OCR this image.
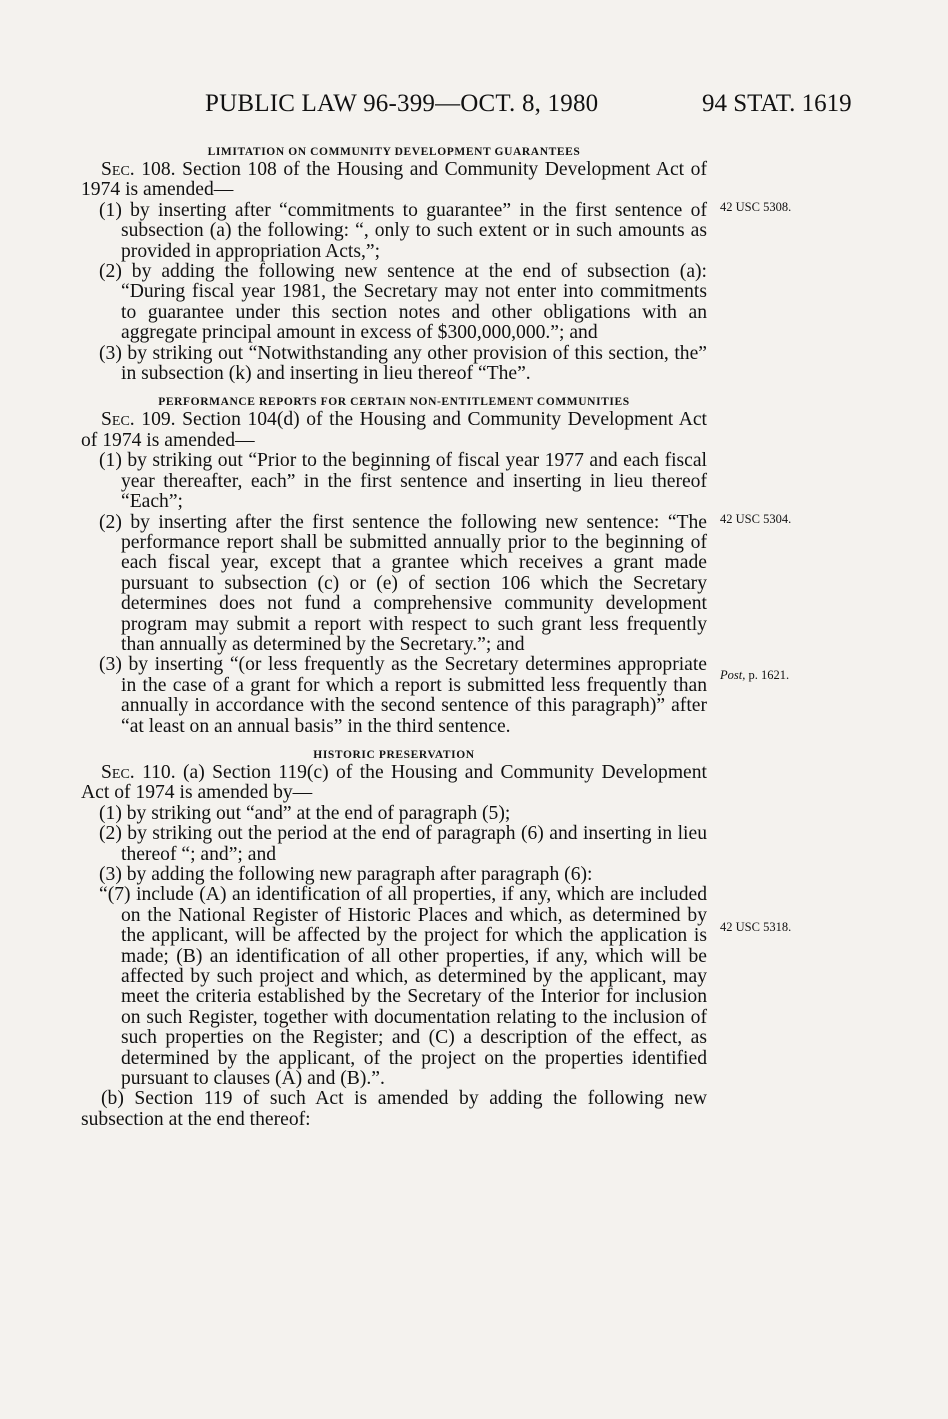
PUBLIC LAW 96-399—OCT. 8, 1980	94 STAT. 1619

LIMITATION ON COMMUNITY DEVELOPMENT GUARANTEES

Sec. 108. Section 108 of the Housing and Community Development Act of 1974 is amended—

(1) by inserting after “commitments to guarantee” in the first sentence of subsection (a) the following: “, only to such extent or in such amounts as provided in appropriation Acts,”;

(2) by adding the following new sentence at the end of subsection (a): “During fiscal year 1981, the Secretary may not enter into commitments to guarantee under this section notes and other obligations with an aggregate principal amount in excess of $300,000,000.”; and

(3) by striking out “Notwithstanding any other provision of this section, the” in subsection (k) and inserting in lieu thereof “The”.

PERFORMANCE REPORTS FOR CERTAIN NON-ENTITLEMENT COMMUNITIES

Sec. 109. Section 104(d) of the Housing and Community Development Act of 1974 is amended—

(1) by striking out “Prior to the beginning of fiscal year 1977 and each fiscal year thereafter, each” in the first sentence and inserting in lieu thereof “Each”;

(2) by inserting after the first sentence the following new sentence: “The performance report shall be submitted annually prior to the beginning of each fiscal year, except that a grantee which receives a grant made pursuant to subsection (c) or (e) of section 106 which the Secretary determines does not fund a comprehensive community development program may submit a report with respect to such grant less frequently than annually as determined by the Secretary.”; and

(3) by inserting “(or less frequently as the Secretary determines appropriate in the case of a grant for which a report is submitted less frequently than annually in accordance with the second sentence of this paragraph)” after “at least on an annual basis” in the third sentence.

HISTORIC PRESERVATION

Sec. 110. (a) Section 119(c) of the Housing and Community Development Act of 1974 is amended by—

(1) by striking out “and” at the end of paragraph (5);

(2) by striking out the period at the end of paragraph (6) and inserting in lieu thereof “; and”; and

(3) by adding the following new paragraph after paragraph (6):

“(7) include (A) an identification of all properties, if any, which are included on the National Register of Historic Places and which, as determined by the applicant, will be affected by the project for which the application is made; (B) an identification of all other properties, if any, which will be affected by such project and which, as determined by the applicant, may meet the criteria established by the Secretary of the Interior for inclusion on such Register, together with documentation relating to the inclusion of such properties on the Register; and (C) a description of the effect, as determined by the applicant, of the project on the properties identified pursuant to clauses (A) and (B).”.

(b) Section 119 of such Act is amended by adding the following new subsection at the end thereof:

42 USC 5308.
42 USC 5304.
Post, p. 1621.
42 USC 5318.
